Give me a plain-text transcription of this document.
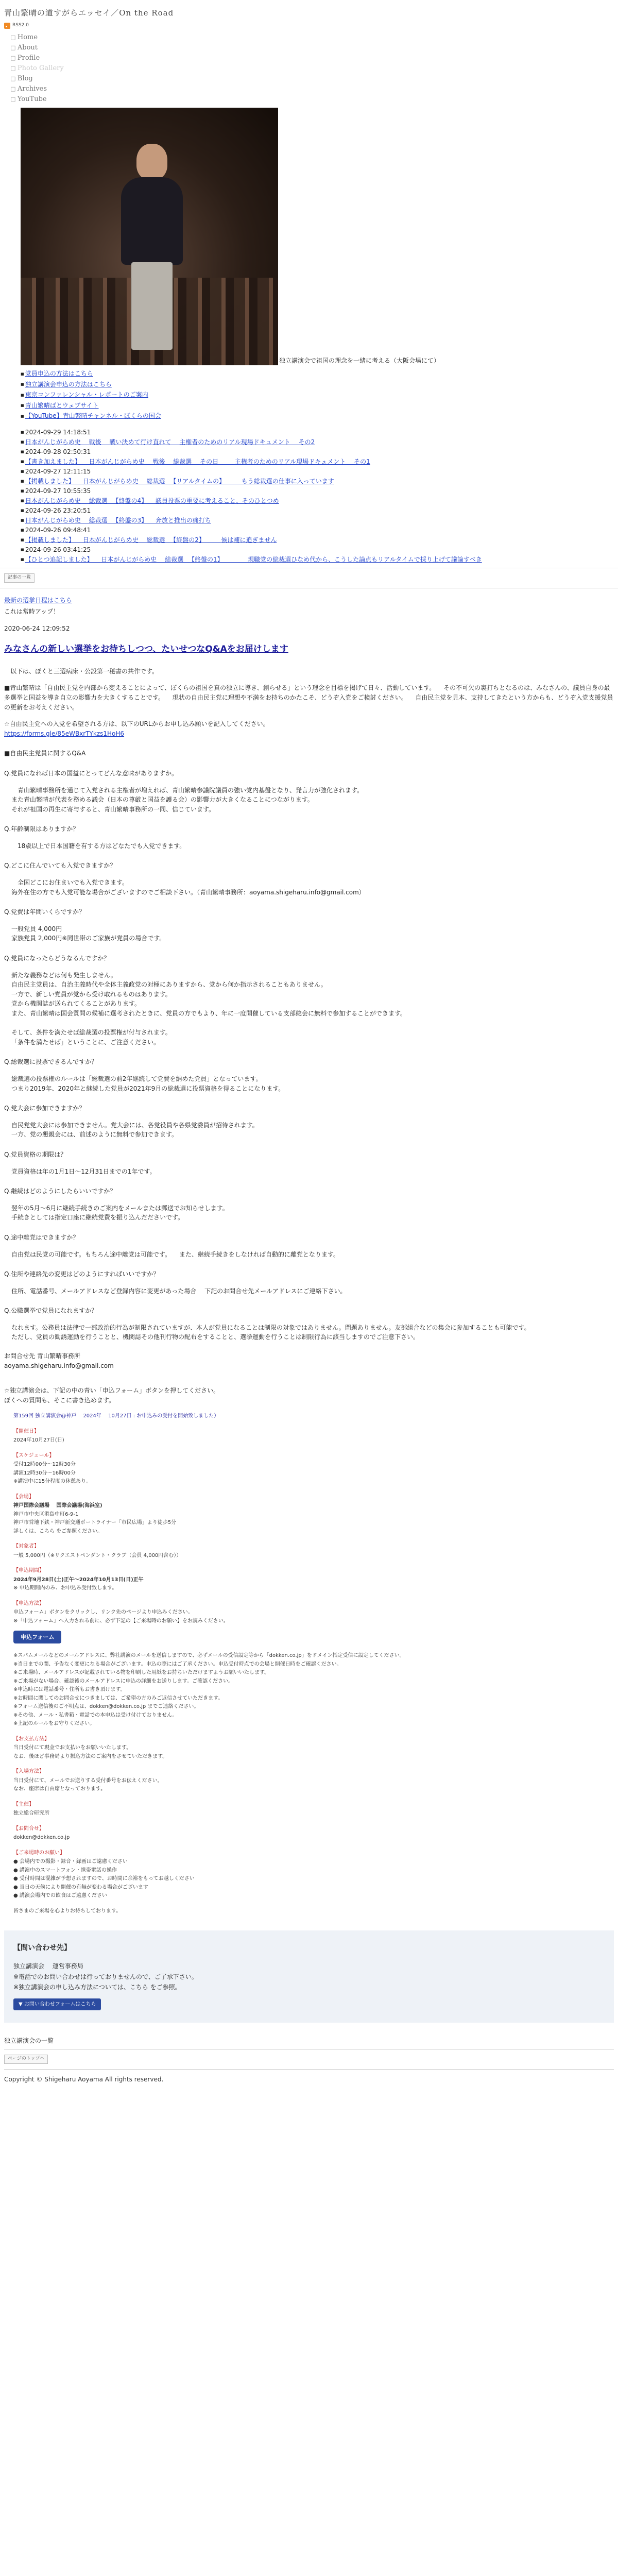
青山繁晴の道すがらエッセイ／On the Road
RSS2.0
□ Home
□ About
□ Profile
□ Photo Gallery
□ Blog
□ Archives
□ YouTube
独立講演会で祖国の理念を一緒に考える（大阪会場にて）
■ 党員申込の方法はこちら
■ 独立講演会申込の方法はこちら
■ 東京コンファレンシャル・レポートのご案内
■ 青山繁晴ばとウェブサイト
■ 【YouTube】青山繁晴チャンネル・ぼくらの国会
■ 2024-09-29 14:18:51
■ 日本がんじがらめ史 　戦後 　戦い決めて行け直れて 　主権者のためのリアル現場ドキュメント 　その2
■ 2024-09-28 02:50:31
■ 【書き加えました】 　日本がんじがらめ史 　戦後 　総裁選 　その日 　 　主権者のためのリアル現場ドキュメント 　その1
■ 2024-09-27 12:11:15
■ 【掲載しました】 　日本がんじがらめ史 　総裁選 　【リアルタイムの】 　 　もう総裁選の仕事に入っています
■ 2024-09-27 10:55:35
■ 日本がんじがらめ史 　総裁選 　【終盤の4】 　議員投票の重要に考えること、そのひとつめ
■ 2024-09-26 23:20:51
■ 日本がんじがらめ史 　総裁選 　【終盤の3】 　奔放と推出の痛打ち
■ 2024-09-26 09:48:41
■ 【掲載しました】 　日本がんじがらめ史 　総裁選 　【終盤の2】 　 　候は補に追ぎません
■ 2024-09-26 03:41:25
■ 【ひとつ追記しました】 　日本がんじがらめ史 　総裁選 　【終盤の1】 　 　 　現職党の総裁選ひなめ代から、こうした論点もリアルタイムで採り上げて議論すべき
記事の一覧
最新の選挙日程はこちら
これは常時アップ！
2020-06-24 12:09:52
みなさんの新しい選挙をお待ちしつつ、たいせつなQ&Aをお届けします
　以下は、ぼくと三選病床・公設第一秘書の共作です。
■青山繁晴は「自由民主党を内部から変えることによって、ぼくらの祖国を真の独立に導き、創らせる」という理念を目標を掲げて日々、活動しています。 　その不可欠の裏打ちとなるのは、みなさんの、議員自身の最多選挙と国益を導き自立の影響力を大きくすることです。 　現状の自由民主党に理想や不満をお持ちのかたこそ、どうぞ入党をご検討ください。 　自由民主党を見本、支持してきたという方からも、どうぞ入党支援党員の更新をお考えください。
☆自由民主党への入党を希望される方は、以下のURLからお申し込み願いを記入してください。
https://forms.gle/85eWBxrTYkzs1HoH6
■自由民主党員に関するQ&A
Q.党員になれば日本の国益にとってどんな意味がありますか。
　青山繁晴事務所を通じて入党される主権者が増えれば、青山繁晴参議院議員の強い党内基盤となり、発言力が強化されます。
また青山繁晴が代表を務める議会（日本の尊厳と国益を護る会）の影響力が大きくなることにつながります。
それが祖国の再生に寄与すると、青山繁晴事務所の一同、信じています。
Q.年齢制限はありますか？
　18歳以上で日本国籍を有する方はどなたでも入党できます。
Q.どこに住んでいても入党できますか？
　全国どこにお住まいでも入党できます。
海外在住の方でも入党可能な場合がございますのでご相談下さい。（青山繁晴事務所：aoyama.shigeharu.info@gmail.com）
Q.党費は年間いくらですか？
一般党員 4,000円
家族党員 2,000円※同世帯のご家族が党員の場合です。
Q.党員になったらどうなるんですか？
新たな義務などは何も発生しません。
自由民主党員は、自治主義時代や全体主義政党の対極にありますから、党から何か指示されることもありません。
一方で、新しい党員が党から受け取れるものはあります。
党から機関誌が送られてくることがあります。
また、青山繁晴は国会質問の候補に選考されたときに、党員の方でもより、年に一度開催している支部総会に無料で参加することができます。

そして、条件を満たせば総裁選の投票権が付与されます。
「条件を満たせば」ということに、ご注意ください。
Q.総裁選に投票できるんですか？
総裁選の投票権のルールは「総裁選の前2年継続して党費を納めた党員」となっています。
つまり2019年、2020年と継続した党員が2021年9月の総裁選に投票資格を得ることになります。
Q.党大会に参加できますか？
自民党党大会には参加できません。党大会には、各党役員や各県党委員が招待されます。
一方、党の懇親会には、前述のように無料で参加できます。
Q.党員資格の期限は？
党員資格は年の1月1日〜12月31日までの1年です。
Q.継続はどのようにしたらいいですか？
翌年の5月〜6月に継続手続きのご案内をメールまたは郵送でお知らせします。
手続きとしては指定口座に継続党費を振り込んだださいです。
Q.途中離党はできますか？
自由党は民党の可能です。もちろん途中離党は可能です。 　また、継続手続きをしなければ自動的に離党となります。
Q.住所や連絡先の変更はどのようにすればいいですか？
住所、電話番号、メールアドレスなど登録内容に変更があった場合 　下記のお問合せ先メールアドレスにご連絡下さい。
Q.公職選挙で党員になれますか？
なれます。公務員は法律で一部政治的行為が制限されていますが、本人が党員になることは制限の対象ではありません。問題ありません。友部組合などの集会に参加することも可能です。
ただし、党員の勧誘運動を行うことと、機関誌その他刊行物の配布をすることと、選挙運動を行うことは制限行為に該当しますのでご注意下さい。
お問合せ先 青山繁晴事務所
aoyama.shigeharu.info@gmail.com
☆独立講演会は、下記の中の青い「申込フォーム」ボタンを押してください。
ぼくへの質問も、そこに書き込めます。
第159回 独立講演会@神戸 　2024年 　10月27日 : お申込みの受付を開始致しました）
【開催日】
2024年10月27日(日)
【スケジュール】
受付12時00分〜12時30分
講演12時30分〜16時00分
※講演中に15分程度の休憩あり。
【会場】
神戸国際会議場 　国際会議場(海浜室)
神戸市中央区港島中町6-9-1
神戸市営地下鉄・神戸新交通ポートライナー「市民広場」より徒歩5分
詳しくは、こちら をご参照ください。
【対象者】
一般 5,000円（※リクエストペンダント・クラブ（会員 4,000円含む））
【申込期間】
2024年9月28日(土)正午〜2024年10月13日(日)正午
※ 申込期間内のみ、お申込み受付致します。
【申込方法】
申込フォーム」ボタンをクリックし、リンク先のページより申込みください。
※「申込フォーム」へ入力される前に、必ず下記の【ご来場時のお願い】をお読みください。
申込フォーム
※スパムメールなどのメールアドレスに、弊社講演のメールを送信しますので、必ずメールの受信設定等から「dokken.co.jp」をドメイン指定受信に設定してください。
※当日までの間、予告なく変更になる場合がございます。申込の際にはご了承ください。申込受付時点での会場と開催日時をご確認ください。
※ご来場時、メールアドレスが記載されている物を印刷した用紙をお持ちいただけますようお願いいたします。
※ご来場がない場合、確認後のメールアドレスに申込の詳細をお送りします。ご確認ください。
※申込時には電話番号・住所もお書き頂けます。
※お時間に関してのお問合せにつきましては、ご希望の方のみご返信させていただきます。
※フォーム送信後のご不明点は、dokken@dokken.co.jp までご連絡ください。
※その他、メール・私書箱・電話での本申込は受け付けておりません。
※上記のルールをお守りください。
【お支払方法】
当日受付にて現金でお支払いをお願いいたします。
なお、後ほど事務局より振込方法のご案内をさせていただきます。
【入場方法】
当日受付にて、メールでお送りする受付番号をお伝えください。
なお、座席は自由席となっております。
【主催】
独立総合研究所
【お問合せ】
dokken@dokken.co.jp
【ご来場時のお願い】
● 会場内での撮影・録音・録画はご遠慮ください
● 講演中のスマートフォン・携帯電話の操作
● 受付時間は混雑が予想されますので、お時間に余裕をもってお越しください
● 当日の天候により開催の有無が変わる場合がございます
● 講演会場内での飲食はご遠慮ください
皆さまのご来場を心よりお待ちしております。
【問い合わせ先】
独立講演会 　運営事務局
※電話でのお問い合わせは行っておりませんので、ご了承下さい。
※独立講演会の申し込み方法については、こちら をご参照。
▼ お問い合わせフォームはこちら
独立講演会の一覧
ページのトップへ
Copyright © Shigeharu Aoyama All rights reserved.
